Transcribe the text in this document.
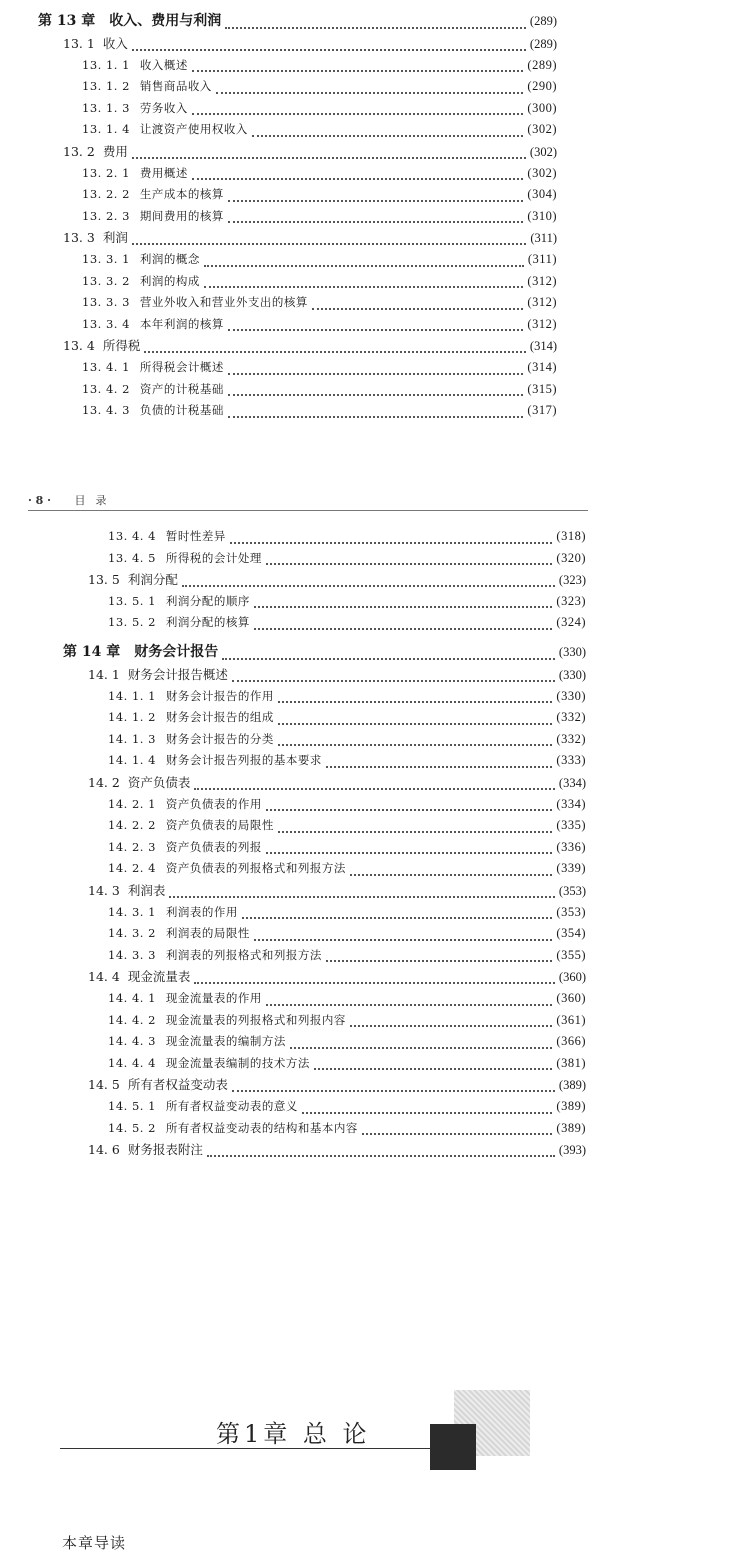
第 13 章 收入、费用与利润	(289)
13. 1 收入	(289)
13. 1. 1 收入概述	(289)
13. 1. 2 销售商品收入	(290)
13. 1. 3 劳务收入	(300)
13. 1. 4 让渡资产使用权收入	(302)
13. 2 费用	(302)
13. 2. 1 费用概述	(302)
13. 2. 2 生产成本的核算	(304)
13. 2. 3 期间费用的核算	(310)
13. 3 利润	(311)
13. 3. 1 利润的概念	(311)
13. 3. 2 利润的构成	(312)
13. 3. 3 营业外收入和营业外支出的核算	(312)
13. 3. 4 本年利润的核算	(312)
13. 4 所得税	(314)
13. 4. 1 所得税会计概述	(314)
13. 4. 2 资产的计税基础	(315)
13. 4. 3 负债的计税基础	(317)
· 8 · 目录
13. 4. 4 暂时性差异	(318)
13. 4. 5 所得税的会计处理	(320)
13. 5 利润分配	(323)
13. 5. 1 利润分配的顺序	(323)
13. 5. 2 利润分配的核算	(324)
第 14 章 财务会计报告	(330)
14. 1 财务会计报告概述	(330)
14. 1. 1 财务会计报告的作用	(330)
14. 1. 2 财务会计报告的组成	(332)
14. 1. 3 财务会计报告的分类	(332)
14. 1. 4 财务会计报告列报的基本要求	(333)
14. 2 资产负债表	(334)
14. 2. 1 资产负债表的作用	(334)
14. 2. 2 资产负债表的局限性	(335)
14. 2. 3 资产负债表的列报	(336)
14. 2. 4 资产负债表的列报格式和列报方法	(339)
14. 3 利润表	(353)
14. 3. 1 利润表的作用	(353)
14. 3. 2 利润表的局限性	(354)
14. 3. 3 利润表的列报格式和列报方法	(355)
14. 4 现金流量表	(360)
14. 4. 1 现金流量表的作用	(360)
14. 4. 2 现金流量表的列报格式和列报内容	(361)
14. 4. 3 现金流量表的编制方法	(366)
14. 4. 4 现金流量表编制的技术方法	(381)
14. 5 所有者权益变动表	(389)
14. 5. 1 所有者权益变动表的意义	(389)
14. 5. 2 所有者权益变动表的结构和基本内容	(389)
14. 6 财务报表附注	(393)
第1章 总 论
本章导读
